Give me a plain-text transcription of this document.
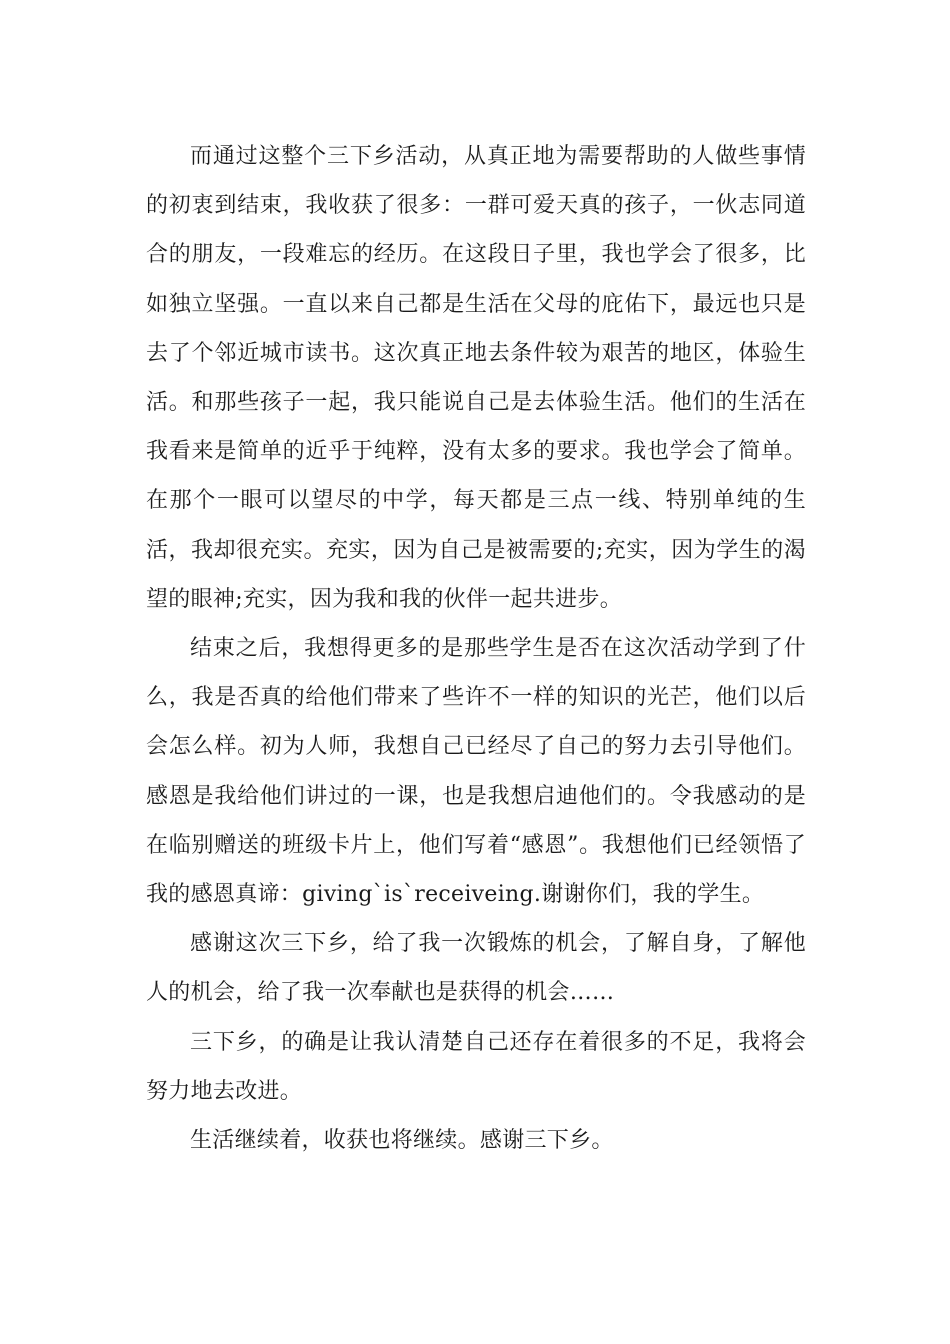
而通过这整个三下乡活动，从真正地为需要帮助的人做些事情的初衷到结束，我收获了很多：一群可爱天真的孩子，一伙志同道合的朋友，一段难忘的经历。在这段日子里，我也学会了很多，比如独立坚强。一直以来自己都是生活在父母的庇佑下，最远也只是去了个邻近城市读书。这次真正地去条件较为艰苦的地区，体验生活。和那些孩子一起，我只能说自己是去体验生活。他们的生活在我看来是简单的近乎于纯粹，没有太多的要求。我也学会了简单。在那个一眼可以望尽的中学，每天都是三点一线、特别单纯的生活，我却很充实。充实，因为自己是被需要的;充实，因为学生的渴望的眼神;充实，因为我和我的伙伴一起共进步。

结束之后，我想得更多的是那些学生是否在这次活动学到了什么，我是否真的给他们带来了些许不一样的知识的光芒，他们以后会怎么样。初为人师，我想自己已经尽了自己的努力去引导他们。感恩是我给他们讲过的一课，也是我想启迪他们的。令我感动的是在临别赠送的班级卡片上，他们写着“感恩”。我想他们已经领悟了我的感恩真谛：giving`is`receiveing.谢谢你们，我的学生。

感谢这次三下乡，给了我一次锻炼的机会，了解自身，了解他人的机会，给了我一次奉献也是获得的机会……

三下乡，的确是让我认清楚自己还存在着很多的不足，我将会努力地去改进。

生活继续着，收获也将继续。感谢三下乡。
